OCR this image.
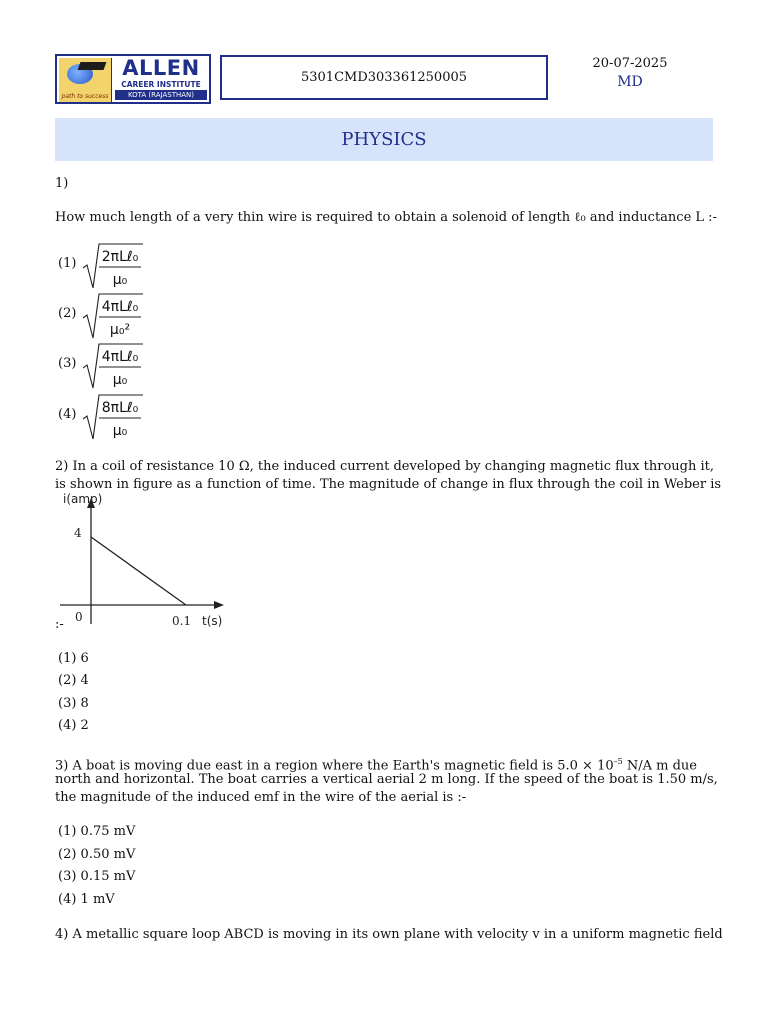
path to success
ALLEN
CAREER INSTITUTE
KOTA (RAJASTHAN)
5301CMD303361250005
20-07-2025
MD
PHYSICS
1)
How much length of a very thin wire is required to obtain a solenoid of length ℓ₀ and inductance L :-
(1) 2πLℓ₀
μ₀
(2) 4πLℓ₀
μ₀²
(3) 4πLℓ₀
μ₀
(4) 8πLℓ₀
μ₀
2) In a coil of resistance 10 Ω, the induced current developed by changing magnetic flux through it,
is shown in figure as a function of time. The magnitude of change in flux through the coil in Weber is
i(amp)
4
0	0.1 t(s)
:-
(1) 6
(2) 4
(3) 8
(4) 2
3) A boat is moving due east in a region where the Earth's magnetic field is $5.0 \times 10^{-5}$ N/A m due
north and horizontal. The boat carries a vertical aerial 2 m long. If the speed of the boat is 1.50 m/s,
the magnitude of the induced emf in the wire of the aerial is :-
(1) 0.75 mV
(2) 0.50 mV
(3) 0.15 mV
(4) 1 mV
4) A metallic square loop ABCD is moving in its own plane with velocity v in a uniform magnetic field
